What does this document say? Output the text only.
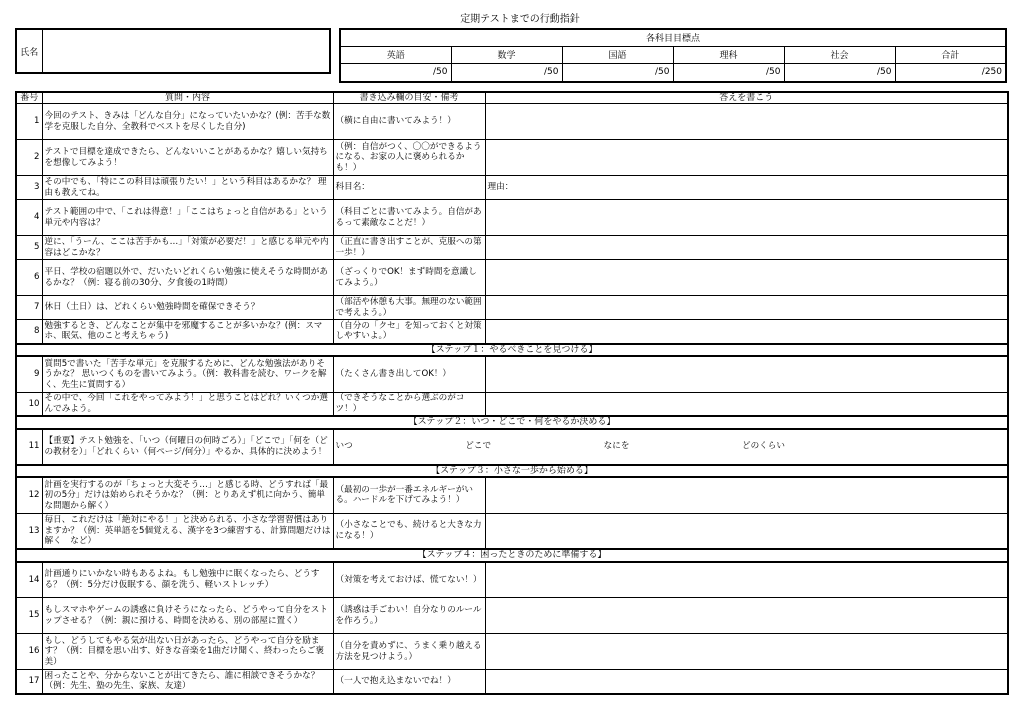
定期テストまでの行動指針
氏名	
各科目目標点					
英語	数学	国語	理科	社会	合計
/50	/50	/50	/50	/50	/250
番号	質問・内容	書き込み欄の目安・備考	答えを書こう
1	今回のテスト、きみは「どんな自分」になっていたいかな？(例：苦手な数学を克服した自分、全教科でベストを尽くした自分)	（横に自由に書いてみよう！）	
2	テストで目標を達成できたら、どんないいことがあるかな？嬉しい気持ちを想像してみよう！	（例：自信がつく、〇〇ができるようになる、お家の人に褒められるかも！）	
3	その中でも、「特にこの科目は頑張りたい！」という科目はあるかな？ 理由も教えてね。	科目名：	理由：
4	テスト範囲の中で、「これは得意！」「ここはちょっと自信がある」という単元や内容は？	（科目ごとに書いてみよう。自信があるって素敵なことだ！）	
5	逆に、「うーん、ここは苦手かも…」「対策が必要だ！」と感じる単元や内容はどこかな？	（正直に書き出すことが、克服への第一歩！）	
6	平日、学校の宿題以外で、だいたいどれくらい勉強に使えそうな時間があるかな？（例：寝る前の30分、夕食後の1時間）	（ざっくりでOK！まず時間を意識してみよう。）	
7	休日（土日）は、どれくらい勉強時間を確保できそう？	（部活や休憩も大事。無理のない範囲で考えよう。）	
8	勉強するとき、どんなことが集中を邪魔することが多いかな？(例：スマホ、眠気、他のこと考えちゃう)	（自分の「クセ」を知っておくと対策しやすいよ。）	
【ステップ１：やるべきことを見つける】			
9	質問5で書いた「苦手な単元」を克服するために、どんな勉強法がありそうかな？ 思いつくものを書いてみよう。（例：教科書を読む、ワークを解く、先生に質問する）	（たくさん書き出してOK！）	
10	その中で、今回「これをやってみよう！」と思うことはどれ？いくつか選んでみよう。	（できそうなことから選ぶのがコツ！）	
【ステップ２：いつ・どこで・何をやるか決める】			
11	【重要】テスト勉強を、「いつ（何曜日の何時ごろ）」「どこで」「何を（どの教材を）」「どれくらい（何ページ/何分）」やるか、具体的に決めよう！	いつ どこで なにを どのくらい	

【ステップ３：小さな一歩から始める】			
12	計画を実行するのが「ちょっと大変そう…」と感じる時、どうすれば「最初の5分」だけは始められそうかな？（例：とりあえず机に向かう、簡単な問題から解く）	（最初の一歩が一番エネルギーがいる。ハードルを下げてみよう！）	
13	毎日、これだけは「絶対にやる！」と決められる、小さな学習習慣はありますか？（例：英単語を5個覚える、漢字を3つ練習する、計算問題だけは解く　など）	（小さなことでも、続けると大きな力になる！）	
【ステップ４：困ったときのために準備する】			
14	計画通りにいかない時もあるよね。もし勉強中に眠くなったら、どうする？（例：5分だけ仮眠する、顔を洗う、軽いストレッチ）	（対策を考えておけば、慌てない！）	
15	もしスマホやゲームの誘惑に負けそうになったら、どうやって自分をストップさせる？（例：親に預ける、時間を決める、別の部屋に置く）	（誘惑は手ごわい！自分なりのルールを作ろう。）	
16	もし、どうしてもやる気が出ない日があったら、どうやって自分を励ます？（例：目標を思い出す、好きな音楽を1曲だけ聞く、終わったらご褒美）	（自分を責めずに、うまく乗り越える方法を見つけよう。）	
17	困ったことや、分からないことが出てきたら、誰に相談できそうかな？（例：先生、塾の先生、家族、友達）	（一人で抱え込まないでね！）	
